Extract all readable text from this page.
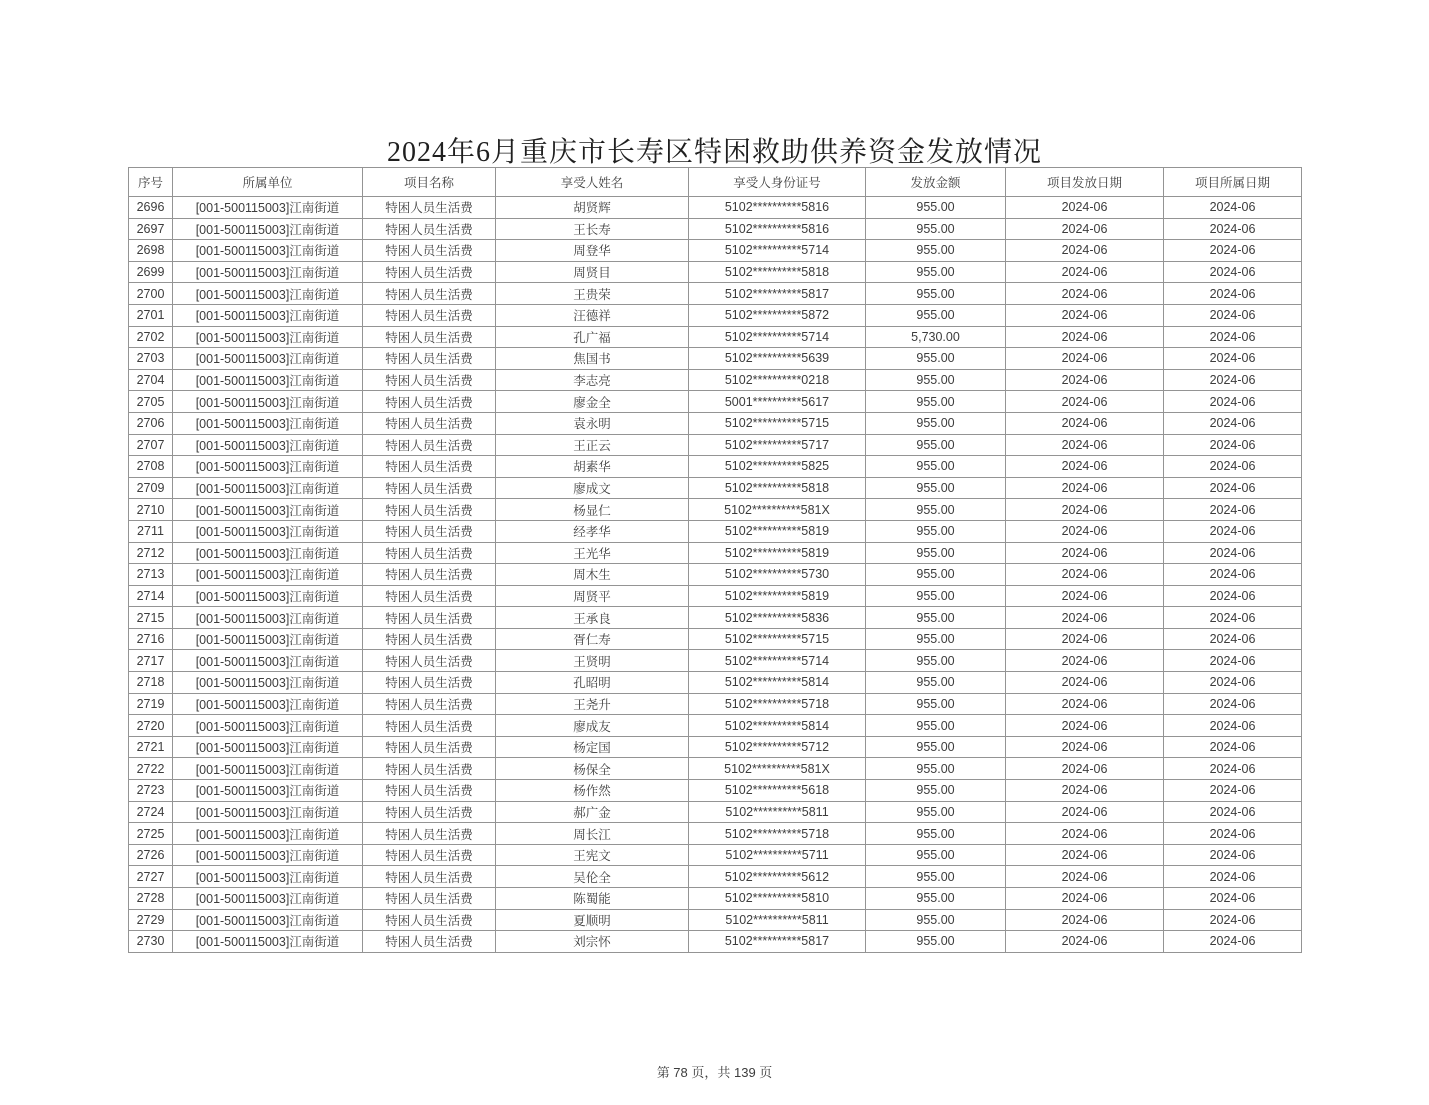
2024年6月重庆市长寿区特困救助供养资金发放情况
序号	所属单位	项目名称	享受人姓名	享受人身份证号	发放金额	项目发放日期	项目所属日期
2696	[001-500115003]江南街道	特困人员生活费	胡贤辉	5102**********5816	955.00	2024-06	2024-06
2697	[001-500115003]江南街道	特困人员生活费	王长寿	5102**********5816	955.00	2024-06	2024-06
2698	[001-500115003]江南街道	特困人员生活费	周登华	5102**********5714	955.00	2024-06	2024-06
2699	[001-500115003]江南街道	特困人员生活费	周贤目	5102**********5818	955.00	2024-06	2024-06
2700	[001-500115003]江南街道	特困人员生活费	王贵荣	5102**********5817	955.00	2024-06	2024-06
2701	[001-500115003]江南街道	特困人员生活费	汪德祥	5102**********5872	955.00	2024-06	2024-06
2702	[001-500115003]江南街道	特困人员生活费	孔广福	5102**********5714	5,730.00	2024-06	2024-06
2703	[001-500115003]江南街道	特困人员生活费	焦国书	5102**********5639	955.00	2024-06	2024-06
2704	[001-500115003]江南街道	特困人员生活费	李志亮	5102**********0218	955.00	2024-06	2024-06
2705	[001-500115003]江南街道	特困人员生活费	廖金全	5001**********5617	955.00	2024-06	2024-06
2706	[001-500115003]江南街道	特困人员生活费	袁永明	5102**********5715	955.00	2024-06	2024-06
2707	[001-500115003]江南街道	特困人员生活费	王正云	5102**********5717	955.00	2024-06	2024-06
2708	[001-500115003]江南街道	特困人员生活费	胡素华	5102**********5825	955.00	2024-06	2024-06
2709	[001-500115003]江南街道	特困人员生活费	廖成文	5102**********5818	955.00	2024-06	2024-06
2710	[001-500115003]江南街道	特困人员生活费	杨显仁	5102**********581X	955.00	2024-06	2024-06
2711	[001-500115003]江南街道	特困人员生活费	经孝华	5102**********5819	955.00	2024-06	2024-06
2712	[001-500115003]江南街道	特困人员生活费	王光华	5102**********5819	955.00	2024-06	2024-06
2713	[001-500115003]江南街道	特困人员生活费	周木生	5102**********5730	955.00	2024-06	2024-06
2714	[001-500115003]江南街道	特困人员生活费	周贤平	5102**********5819	955.00	2024-06	2024-06
2715	[001-500115003]江南街道	特困人员生活费	王承良	5102**********5836	955.00	2024-06	2024-06
2716	[001-500115003]江南街道	特困人员生活费	胥仁寿	5102**********5715	955.00	2024-06	2024-06
2717	[001-500115003]江南街道	特困人员生活费	王贤明	5102**********5714	955.00	2024-06	2024-06
2718	[001-500115003]江南街道	特困人员生活费	孔昭明	5102**********5814	955.00	2024-06	2024-06
2719	[001-500115003]江南街道	特困人员生活费	王尧升	5102**********5718	955.00	2024-06	2024-06
2720	[001-500115003]江南街道	特困人员生活费	廖成友	5102**********5814	955.00	2024-06	2024-06
2721	[001-500115003]江南街道	特困人员生活费	杨定国	5102**********5712	955.00	2024-06	2024-06
2722	[001-500115003]江南街道	特困人员生活费	杨保全	5102**********581X	955.00	2024-06	2024-06
2723	[001-500115003]江南街道	特困人员生活费	杨作然	5102**********5618	955.00	2024-06	2024-06
2724	[001-500115003]江南街道	特困人员生活费	郝广金	5102**********5811	955.00	2024-06	2024-06
2725	[001-500115003]江南街道	特困人员生活费	周长江	5102**********5718	955.00	2024-06	2024-06
2726	[001-500115003]江南街道	特困人员生活费	王宪文	5102**********5711	955.00	2024-06	2024-06
2727	[001-500115003]江南街道	特困人员生活费	吴伦全	5102**********5612	955.00	2024-06	2024-06
2728	[001-500115003]江南街道	特困人员生活费	陈蜀能	5102**********5810	955.00	2024-06	2024-06
2729	[001-500115003]江南街道	特困人员生活费	夏顺明	5102**********5811	955.00	2024-06	2024-06
2730	[001-500115003]江南街道	特困人员生活费	刘宗怀	5102**********5817	955.00	2024-06	2024-06
第 78 页，共 139 页
